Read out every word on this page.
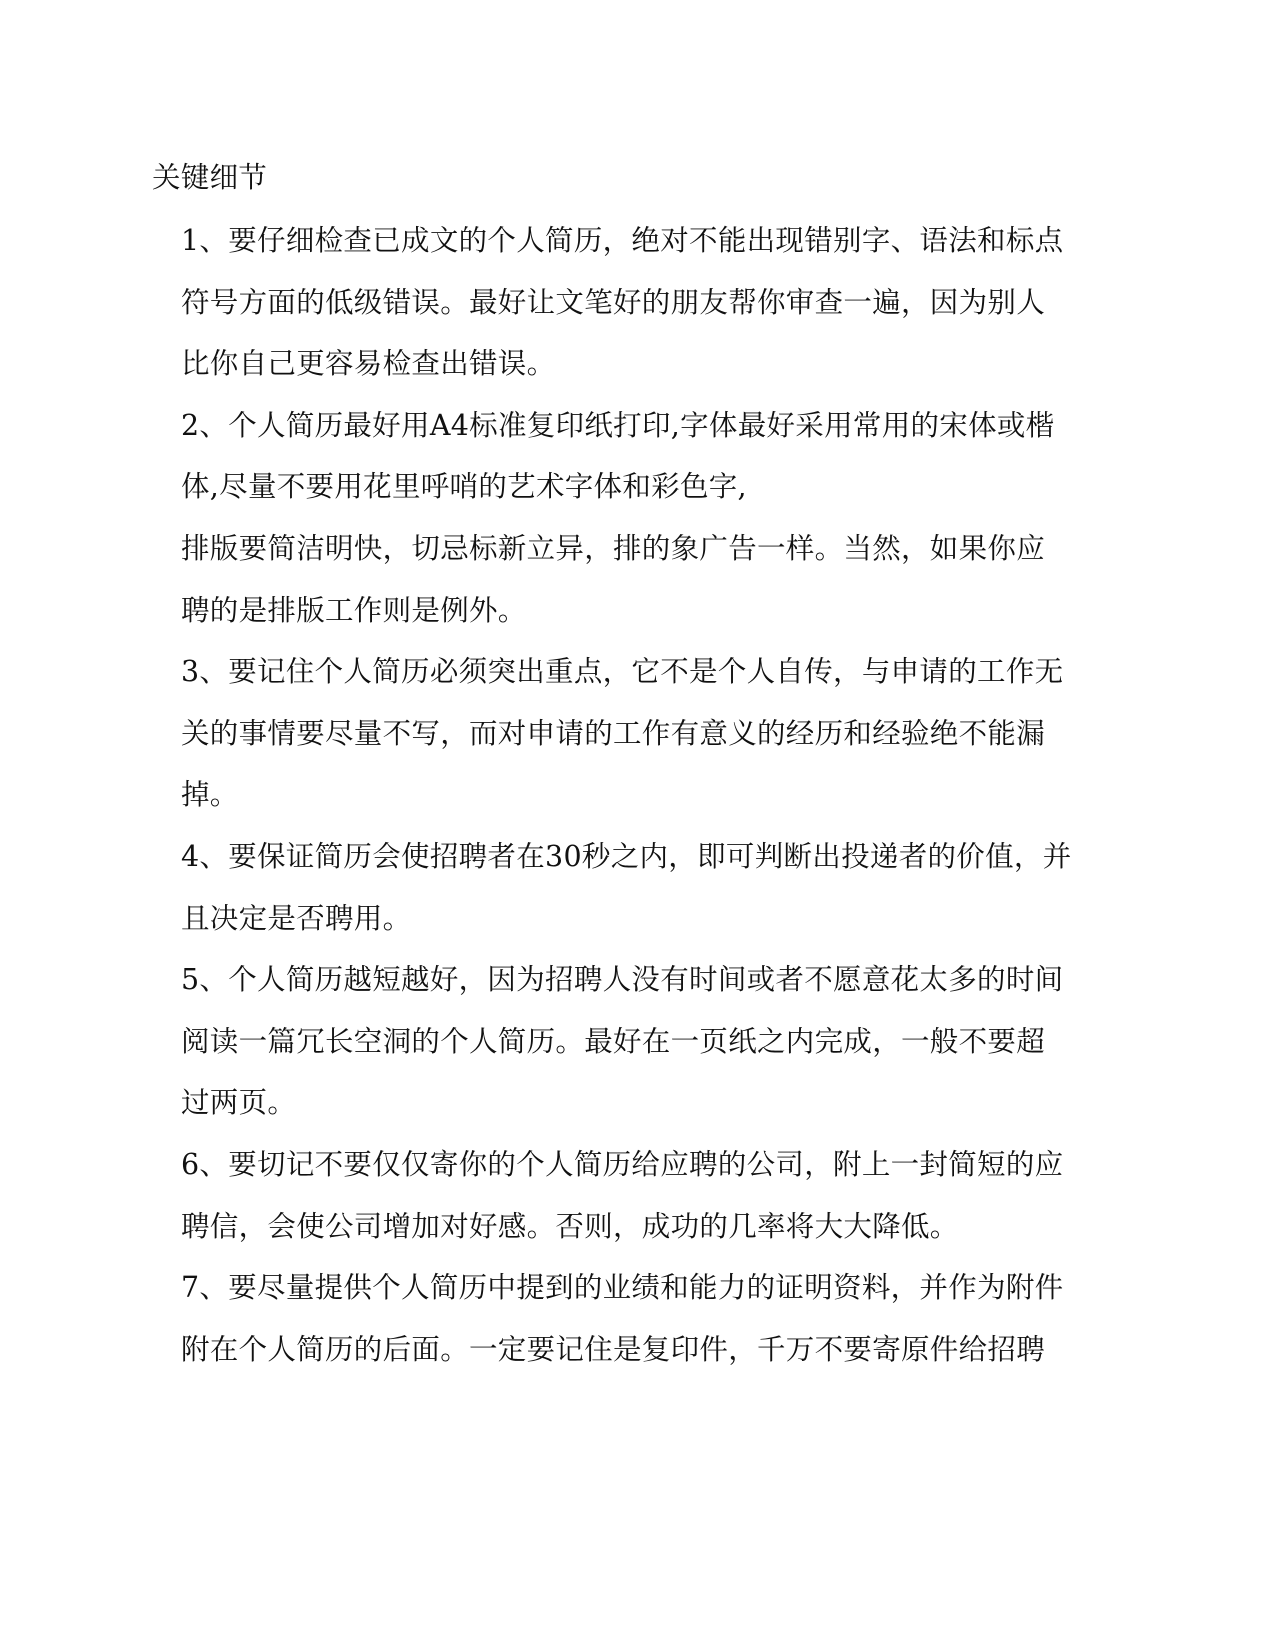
关键细节
1、要仔细检查已成文的个人简历，绝对不能出现错别字、语法和标点
符号方面的低级错误。最好让文笔好的朋友帮你审查一遍，因为别人
比你自己更容易检查出错误。
2、个人简历最好用A4标准复印纸打印,字体最好采用常用的宋体或楷
体,尽量不要用花里呼哨的艺术字体和彩色字,
排版要简洁明快，切忌标新立异，排的象广告一样。当然，如果你应
聘的是排版工作则是例外。
3、要记住个人简历必须突出重点，它不是个人自传，与申请的工作无
关的事情要尽量不写，而对申请的工作有意义的经历和经验绝不能漏
掉。
4、要保证简历会使招聘者在30秒之内，即可判断出投递者的价值，并
且决定是否聘用。
5、个人简历越短越好，因为招聘人没有时间或者不愿意花太多的时间
阅读一篇冗长空洞的个人简历。最好在一页纸之内完成，一般不要超
过两页。
6、要切记不要仅仅寄你的个人简历给应聘的公司，附上一封简短的应
聘信，会使公司增加对好感。否则，成功的几率将大大降低。
7、要尽量提供个人简历中提到的业绩和能力的证明资料，并作为附件
附在个人简历的后面。一定要记住是复印件，千万不要寄原件给招聘
